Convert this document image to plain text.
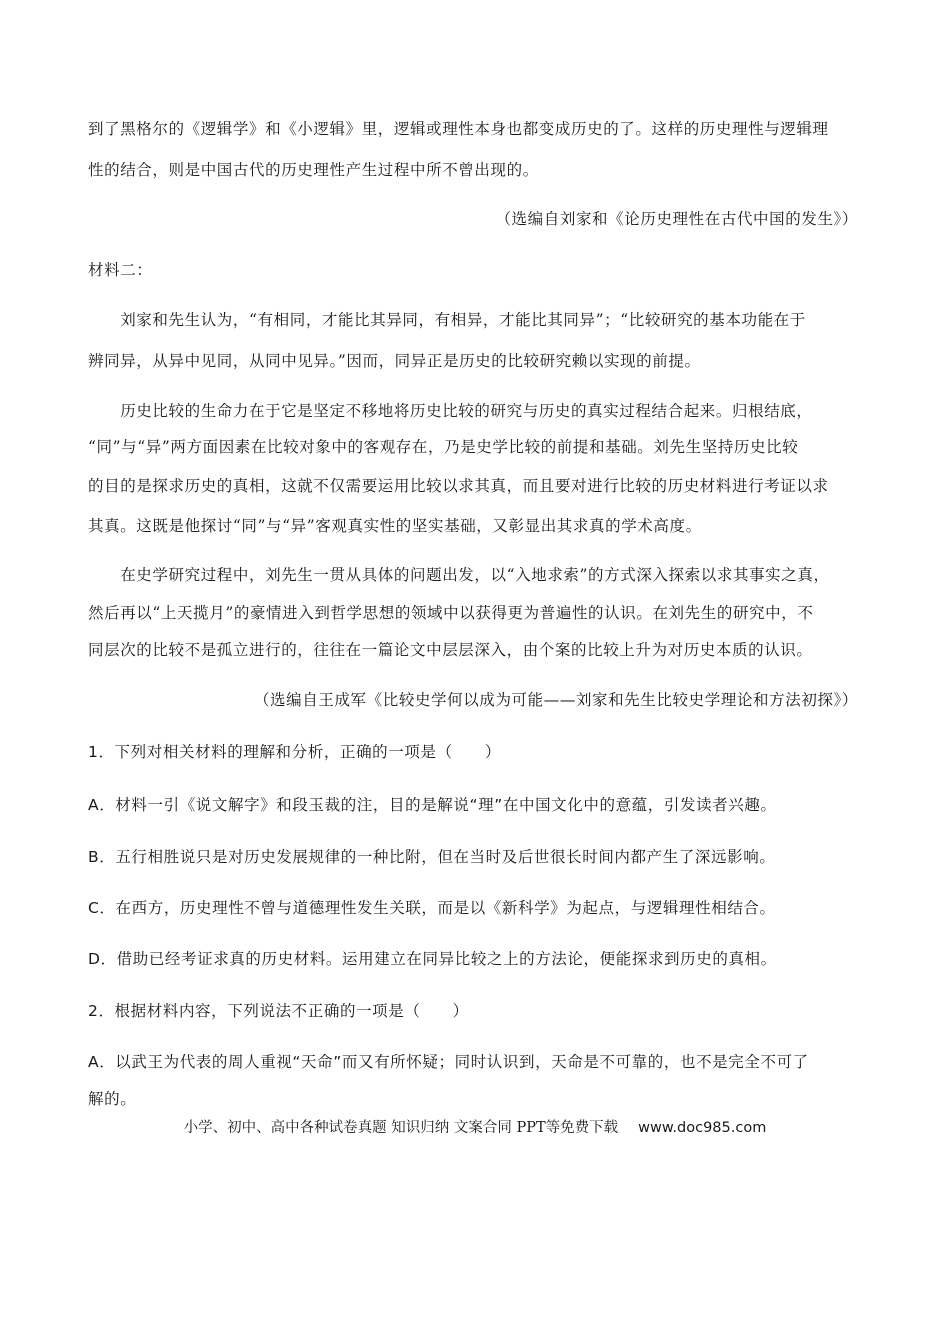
到了黑格尔的《逻辑学》和《小逻辑》里，逻辑或理性本身也都变成历史的了。这样的历史理性与逻辑理
性的结合，则是中国古代的历史理性产生过程中所不曾出现的。
（选编自刘家和《论历史理性在古代中国的发生》）
材料二：
　　刘家和先生认为，“有相同，才能比其异同，有相异，才能比其同异”；“比较研究的基本功能在于
辨同异，从异中见同，从同中见异。”因而，同异正是历史的比较研究赖以实现的前提。
　　历史比较的生命力在于它是坚定不移地将历史比较的研究与历史的真实过程结合起来。归根结底，
“同”与“异”两方面因素在比较对象中的客观存在，乃是史学比较的前提和基础。刘先生坚持历史比较
的目的是探求历史的真相，这就不仅需要运用比较以求其真，而且要对进行比较的历史材料进行考证以求
其真。这既是他探讨“同”与“异”客观真实性的坚实基础，又彰显出其求真的学术高度。
　　在史学研究过程中，刘先生一贯从具体的问题出发，以“入地求索”的方式深入探索以求其事实之真，
然后再以“上天揽月”的豪情进入到哲学思想的领域中以获得更为普遍性的认识。在刘先生的研究中，不
同层次的比较不是孤立进行的，往往在一篇论文中层层深入，由个案的比较上升为对历史本质的认识。
（选编自王成军《比较史学何以成为可能——刘家和先生比较史学理论和方法初探》）
1．下列对相关材料的理解和分析，正确的一项是（　　）
A．材料一引《说文解字》和段玉裁的注，目的是解说“理”在中国文化中的意蕴，引发读者兴趣。
B．五行相胜说只是对历史发展规律的一种比附，但在当时及后世很长时间内都产生了深远影响。
C．在西方，历史理性不曾与道德理性发生关联，而是以《新科学》为起点，与逻辑理性相结合。
D．借助已经考证求真的历史材料。运用建立在同异比较之上的方法论，便能探求到历史的真相。
2．根据材料内容，下列说法不正确的一项是（　　）
A．以武王为代表的周人重视“天命”而又有所怀疑；同时认识到，天命是不可靠的，也不是完全不可了
解的。
小学、初中、高中各种试卷真题 知识归纳 文案合同 PPT等免费下载 www.doc985.com
